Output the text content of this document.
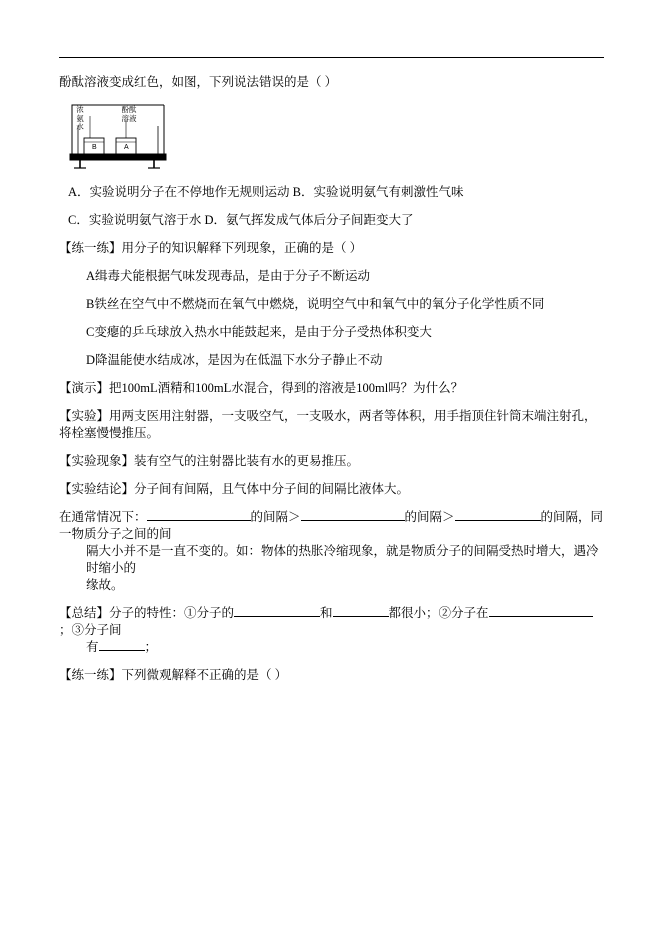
酚酞溶液变成红色，如图，下列说法错误的是（ ）

浓氨水
酚酞溶液
B	A

A．实验说明分子在不停地作无规则运动 B．实验说明氨气有刺激性气味

C．实验说明氨气溶于水 D．氨气挥发成气体后分子间距变大了

【练一练】用分子的知识解释下列现象，正确的是（ ）

A缉毒犬能根据气味发现毒品，是由于分子不断运动

B铁丝在空气中不燃烧而在氧气中燃烧，说明空气中和氧气中的氧分子化学性质不同

C变瘪的乒乓球放入热水中能鼓起来，是由于分子受热体积变大

D降温能使水结成冰，是因为在低温下水分子静止不动

【演示】把100mL酒精和100mL水混合，得到的溶液是100ml吗？为什么？

【实验】用两支医用注射器，一支吸空气，一支吸水，两者等体积，用手指顶住针筒末端注射孔，将栓塞慢慢推压。

【实验现象】装有空气的注射器比装有水的更易推压。

【实验结论】分子间有间隔，且气体中分子间的间隔比液体大。

在通常情况下：	的间隔＞	的间隔＞	的间隔，同一物质分子之间的间

隔大小并不是一直不变的。如：物体的热胀冷缩现象，就是物质分子的间隔受热时增大，遇冷时缩小的

缘故。

【总结】分子的特性：①分子的	和	都很小；②分子在；③分子间

有	；

【练一练】下列微观解释不正确的是（ ）
